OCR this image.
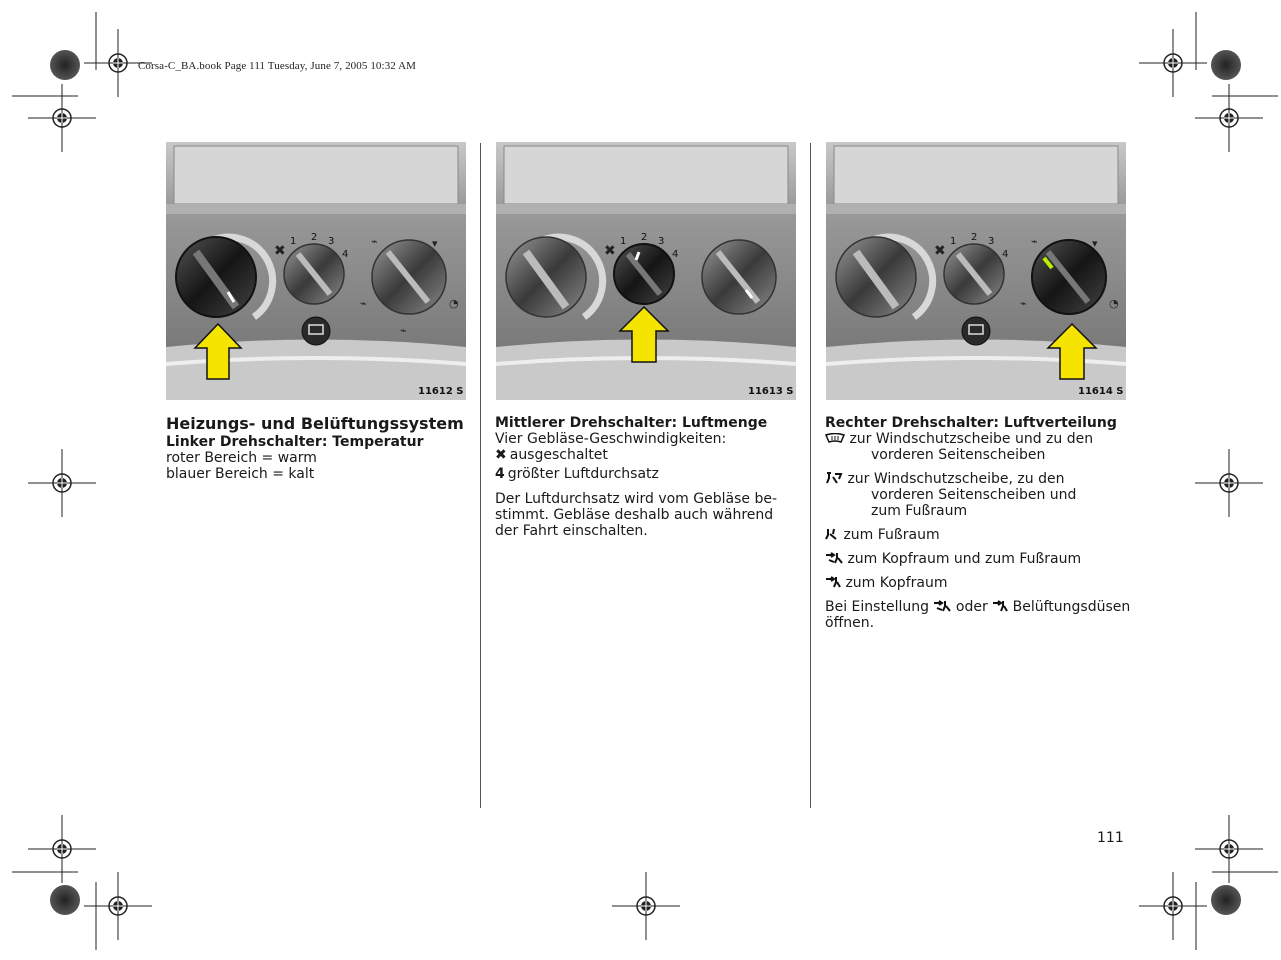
Corsa-C_BA.book Page 111 Tuesday, June 7, 2005 10:32 AM
✖
1 2 3
4
⌁	▾
⌁	◔
⌁
11612 S
✖
1 2 3
4
11613 S
✖
1 2 3
4
⌁	▾
⌁	◔
11614 S

Heizungs- und Belüftungssystem

Linker Drehschalter: Temperatur

roter Bereich = warm

blauer Bereich = kalt

Mittlerer Drehschalter: Luftmenge

Vier Gebläse-Geschwindigkeiten:

✖ ausgeschaltet

4 größter Luftdurchsatz

Der Luftdurchsatz wird vom Gebläse be-

stimmt. Gebläse deshalb auch während

der Fahrt einschalten.

Rechter Drehschalter: Luftverteilung

zur Windschutzscheibe und zu den

vorderen Seitenscheiben

zur Windschutzscheibe, zu den

vorderen Seitenscheiben und

zum Fußraum

zum Fußraum

zum Kopfraum und zum Fußraum

zum Kopfraum

Bei Einstellung oder Belüftungsdüsen

öffnen.

111
